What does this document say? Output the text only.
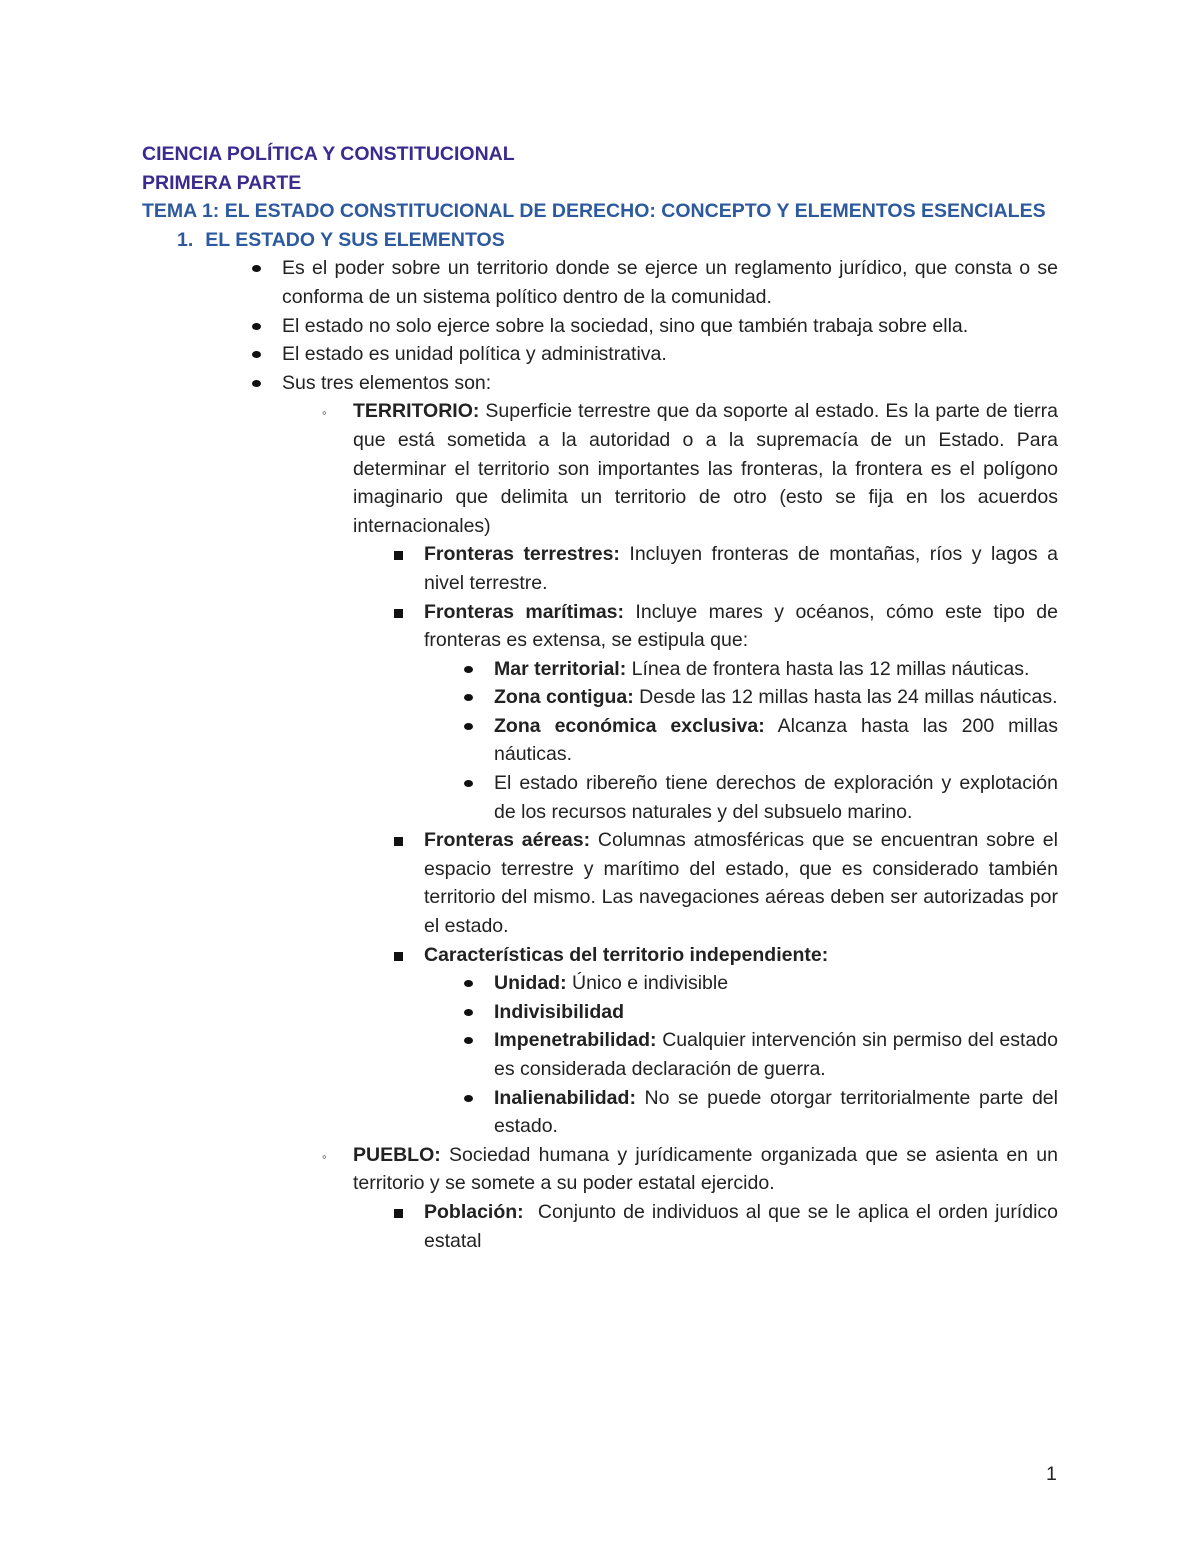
CIENCIA POLÍTICA Y CONSTITUCIONAL
PRIMERA PARTE
TEMA 1: EL ESTADO CONSTITUCIONAL DE DERECHO: CONCEPTO Y ELEMENTOS ESENCIALES
1. EL ESTADO Y SUS ELEMENTOS
Es el poder sobre un territorio donde se ejerce un reglamento jurídico, que consta o se conforma de un sistema político dentro de la comunidad.
El estado no solo ejerce sobre la sociedad, sino que también trabaja sobre ella.
El estado es unidad política y administrativa.
Sus tres elementos son:
◦ TERRITORIO: Superficie terrestre que da soporte al estado. Es la parte de tierra que está sometida a la autoridad o a la supremacía de un Estado. Para determinar el territorio son importantes las fronteras, la frontera es el polígono imaginario que delimita un territorio de otro (esto se fija en los acuerdos internacionales)
Fronteras terrestres: Incluyen fronteras de montañas, ríos y lagos a nivel terrestre.
Fronteras marítimas: Incluye mares y océanos, cómo este tipo de fronteras es extensa, se estipula que:
Mar territorial: Línea de frontera hasta las 12 millas náuticas.
Zona contigua: Desde las 12 millas hasta las 24 millas náuticas.
Zona económica exclusiva: Alcanza hasta las 200 millas náuticas.
El estado ribereño tiene derechos de exploración y explotación de los recursos naturales y del subsuelo marino.
Fronteras aéreas: Columnas atmosféricas que se encuentran sobre el espacio terrestre y marítimo del estado, que es considerado también territorio del mismo. Las navegaciones aéreas deben ser autorizadas por el estado.
Características del territorio independiente:
Unidad: Único e indivisible
Indivisibilidad
Impenetrabilidad: Cualquier intervención sin permiso del estado es considerada declaración de guerra.
Inalienabilidad: No se puede otorgar territorialmente parte del estado.
◦ PUEBLO: Sociedad humana y jurídicamente organizada que se asienta en un territorio y se somete a su poder estatal ejercido.
Población:  Conjunto de individuos al que se le aplica el orden jurídico estatal
1
